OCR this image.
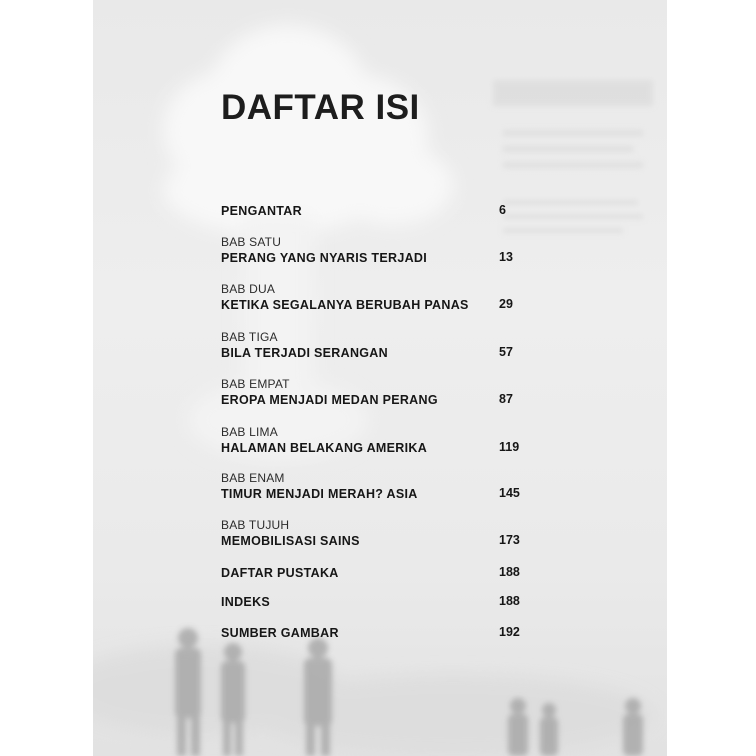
DAFTAR ISI
PENGANTAR	6
BAB SATU
PERANG YANG NYARIS TERJADI	13
BAB DUA
KETIKA SEGALANYA BERUBAH PANAS 29
BAB TIGA
BILA TERJADI SERANGAN	57
BAB EMPAT
EROPA MENJADI MEDAN PERANG	87
BAB LIMA
HALAMAN BELAKANG AMERIKA	119
BAB ENAM
TIMUR MENJADI MERAH? ASIA	145
BAB TUJUH
MEMOBILISASI SAINS	173
DAFTAR PUSTAKA	188
INDEKS	188
SUMBER GAMBAR	192
